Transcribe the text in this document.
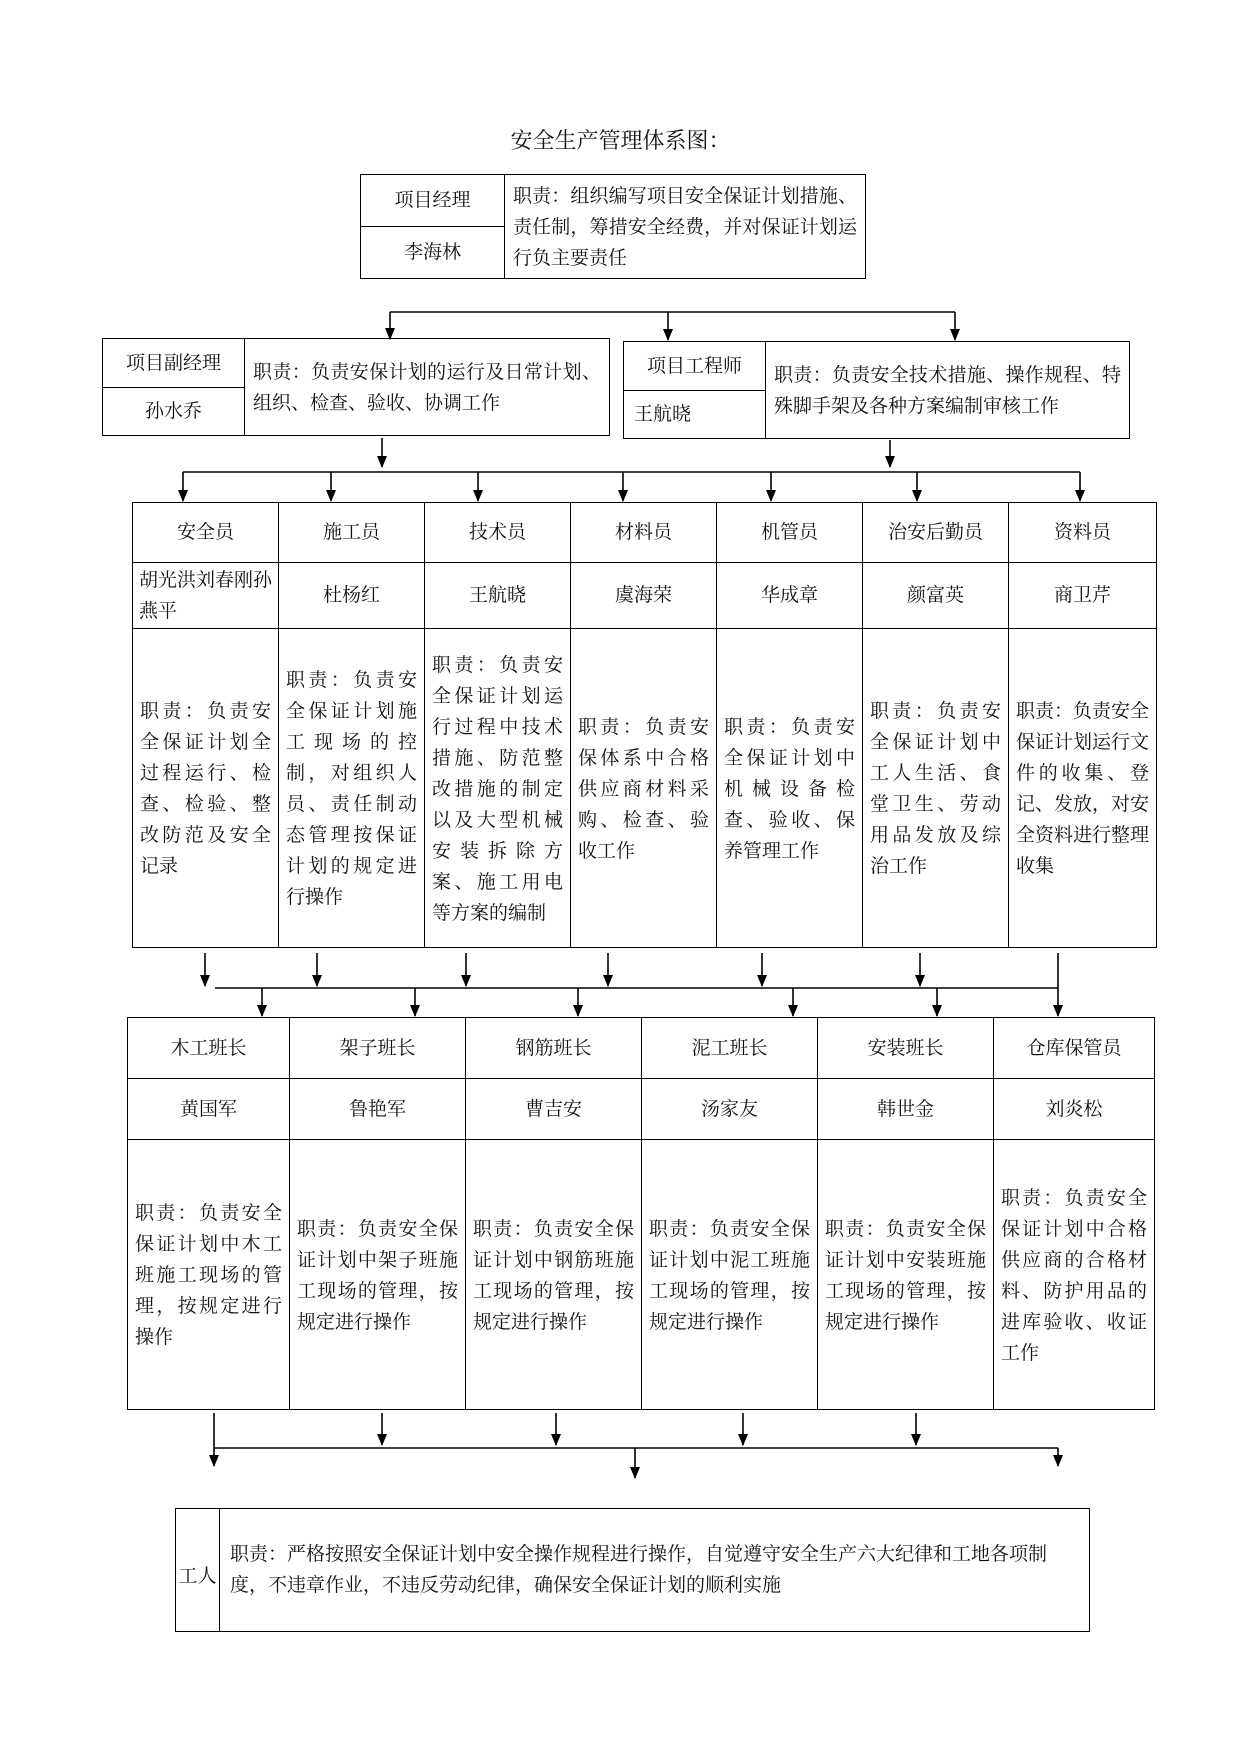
安全生产管理体系图：
项目经理	职责：组织编写项目安全保证计划措施、责任制，筹措安全经费，并对保证计划运行负主要责任
李海林
项目副经理	职责：负责安保计划的运行及日常计划、组织、检查、验收、协调工作
孙水乔
项目工程师	职责：负责安全技术措施、操作规程、特殊脚手架及各种方案编制审核工作
王航晓
安全员	施工员	技术员	材料员	机管员	治安后勤员	资料员
胡光洪刘春刚孙燕平	杜杨红	王航晓	虞海荣	华成章	颜富英	商卫芹
职责：负责安全保证计划全过程运行、检查、检验、整改防范及安全记录	职责：负责安全保证计划施工现场的控制，对组织人员、责任制动态管理按保证计划的规定进行操作	职责：负责安全保证计划运行过程中技术措施、防范整改措施的制定以及大型机械安装拆除方案、施工用电等方案的编制	职责：负责安保体系中合格供应商材料采购、检查、验收工作	职责：负责安全保证计划中机械设备检查、验收、保养管理工作	职责：负责安全保证计划中工人生活、食堂卫生、劳动用品发放及综治工作	职责：负责安全保证计划运行文件的收集、登记、发放，对安全资料进行整理收集
木工班长	架子班长	钢筋班长	泥工班长	安装班长	仓库保管员
黄国军	鲁艳军	曹吉安	汤家友	韩世金	刘炎松
职责：负责安全保证计划中木工班施工现场的管理，按规定进行操作	职责：负责安全保证计划中架子班施工现场的管理，按规定进行操作	职责：负责安全保证计划中钢筋班施工现场的管理，按规定进行操作	职责：负责安全保证计划中泥工班施工现场的管理，按规定进行操作	职责：负责安全保证计划中安装班施工现场的管理，按规定进行操作	职责：负责安全保证计划中合格供应商的合格材料、防护用品的进库验收、收证工作
工人	职责：严格按照安全保证计划中安全操作规程进行操作，自觉遵守安全生产六大纪律和工地各项制度，不违章作业，不违反劳动纪律，确保安全保证计划的顺利实施
